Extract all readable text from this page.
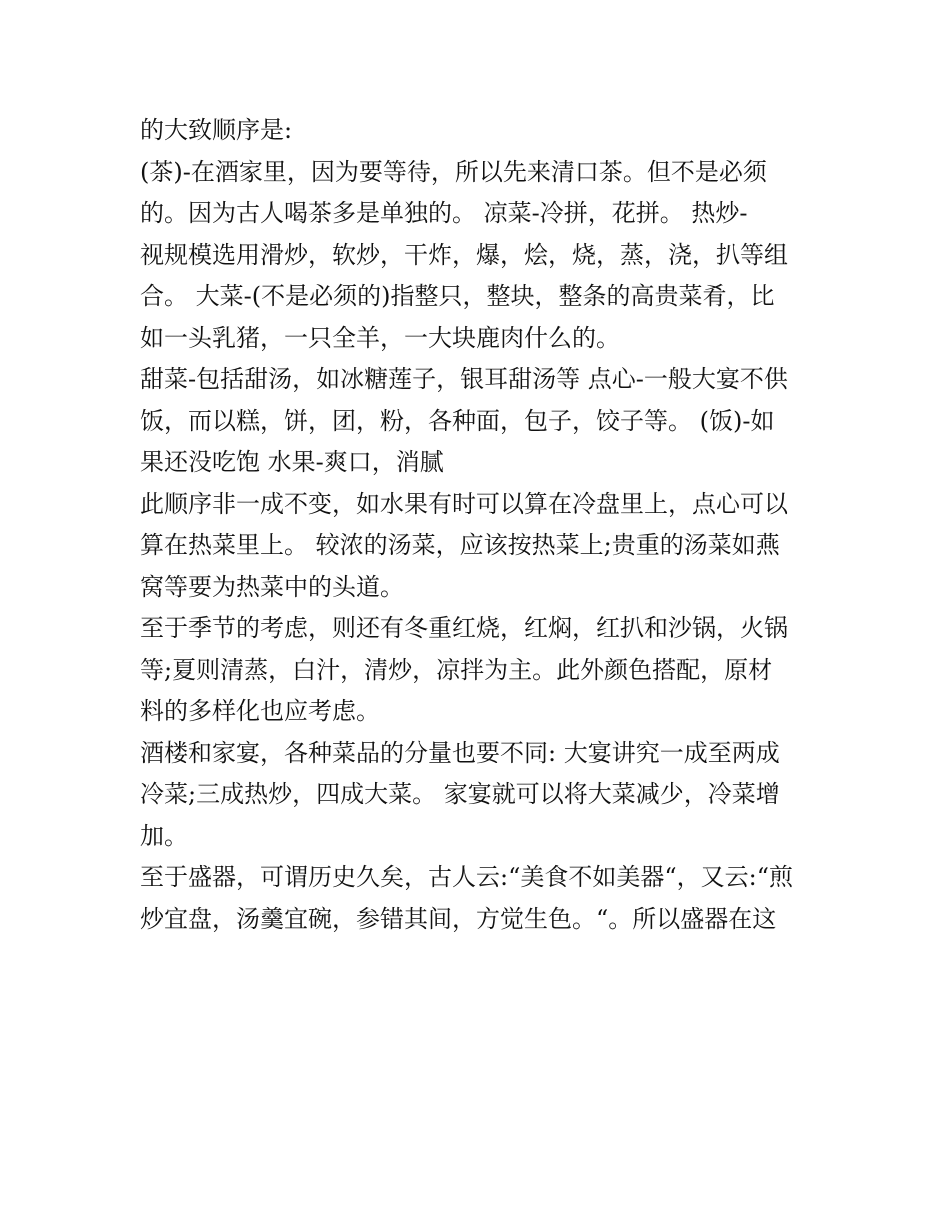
的大致顺序是:
(茶)-在酒家里，因为要等待，所以先来清口茶。但不是必须
的。因为古人喝茶多是单独的。 凉菜-冷拼，花拼。 热炒-
视规模选用滑炒，软炒，干炸，爆，烩，烧，蒸，浇，扒等组
合。 大菜-(不是必须的)指整只，整块，整条的高贵菜肴，比
如一头乳猪，一只全羊，一大块鹿肉什么的。
甜菜-包括甜汤，如冰糖莲子，银耳甜汤等 点心-一般大宴不供
饭，而以糕，饼，团，粉，各种面，包子，饺子等。 (饭)-如
果还没吃饱 水果-爽口，消腻
此顺序非一成不变，如水果有时可以算在冷盘里上，点心可以
算在热菜里上。 较浓的汤菜，应该按热菜上;贵重的汤菜如燕
窝等要为热菜中的头道。
至于季节的考虑，则还有冬重红烧，红焖，红扒和沙锅，火锅
等;夏则清蒸，白汁，清炒，凉拌为主。此外颜色搭配，原材
料的多样化也应考虑。
酒楼和家宴，各种菜品的分量也要不同: 大宴讲究一成至两成
冷菜;三成热炒，四成大菜。 家宴就可以将大菜减少，冷菜增
加。
至于盛器，可谓历史久矣，古人云:“美食不如美器“，又云:“煎
炒宜盘，汤羹宜碗，参错其间，方觉生色。“。所以盛器在这
